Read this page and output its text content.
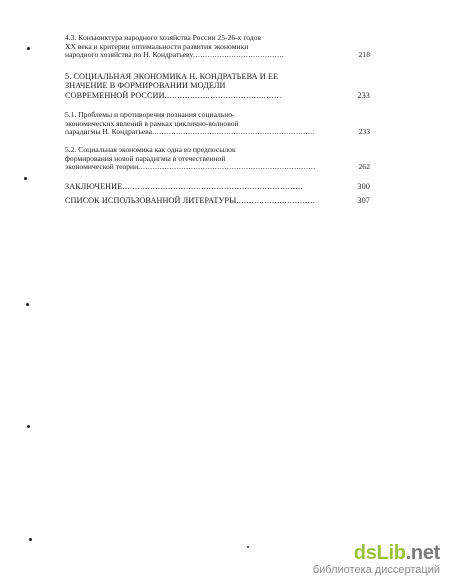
4.3. Конъюнктура народного хозяйства России 25-26-х годов
XX века и критерии оптимальности развития экономики
народного хозяйства по Н. Кондратьеву......................................	218
5. СОЦИАЛЬНАЯ ЭКОНОМИКА Н. КОНДРАТЬЕВА И ЕЕ
ЗНАЧЕНИЕ В ФОРМИРОВАНИИ МОДЕЛИ
СОВРЕМЕННОЙ РОССИИ..............................................	233
5.1. Проблемы и противоречия познания социально-
экономических явлений в рамках циклично-волновой
парадигмы Н. Кондратьева....................................................................	233
5.2. Социальная экономика как одна из предпосылок
формирования новой парадигмы в отечественной
экономической теории..........................................................................	262
ЗАКЛЮЧЕНИЕ.......................................................................	300
СПИСОК ИСПОЛЬЗОВАННОЙ ЛИТЕРАТУРЫ...............................	307
dsLib.net
библиотека диссертаций
